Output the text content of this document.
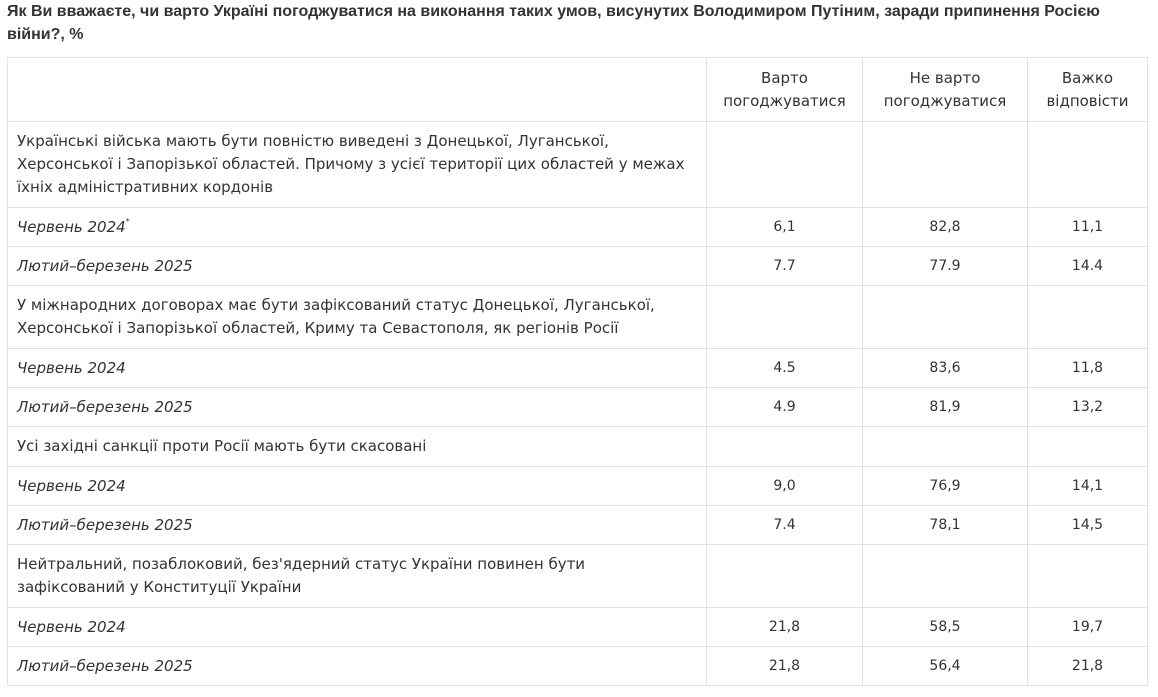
Як Ви вважаєте, чи варто Україні погоджуватися на виконання таких умов, висунутих Володимиром Путіним, заради припинення Росією війни?, %
	Варто погоджуватися	Не варто погоджуватися	Важко відповісти
Українські війська мають бути повністю виведені з Донецької, Луганської, Херсонської і Запорізької областей. Причому з усієї території цих областей у межах їхніх адміністративних кордонів			
Червень 2024*	6,1	82,8	11,1
Лютий–березень 2025	7.7	77.9	14.4
У міжнародних договорах має бути зафіксований статус Донецької, Луганської, Херсонської і Запорізької областей, Криму та Севастополя, як регіонів Росії			
Червень 2024	4.5	83,6	11,8
Лютий–березень 2025	4.9	81,9	13,2
Усі західні санкції проти Росії мають бути скасовані			
Червень 2024	9,0	76,9	14,1
Лютий–березень 2025	7.4	78,1	14,5
Нейтральний, позаблоковий, без'ядерний статус України повинен бути зафіксований у Конституції України			
Червень 2024	21,8	58,5	19,7
Лютий–березень 2025	21,8	56,4	21,8
